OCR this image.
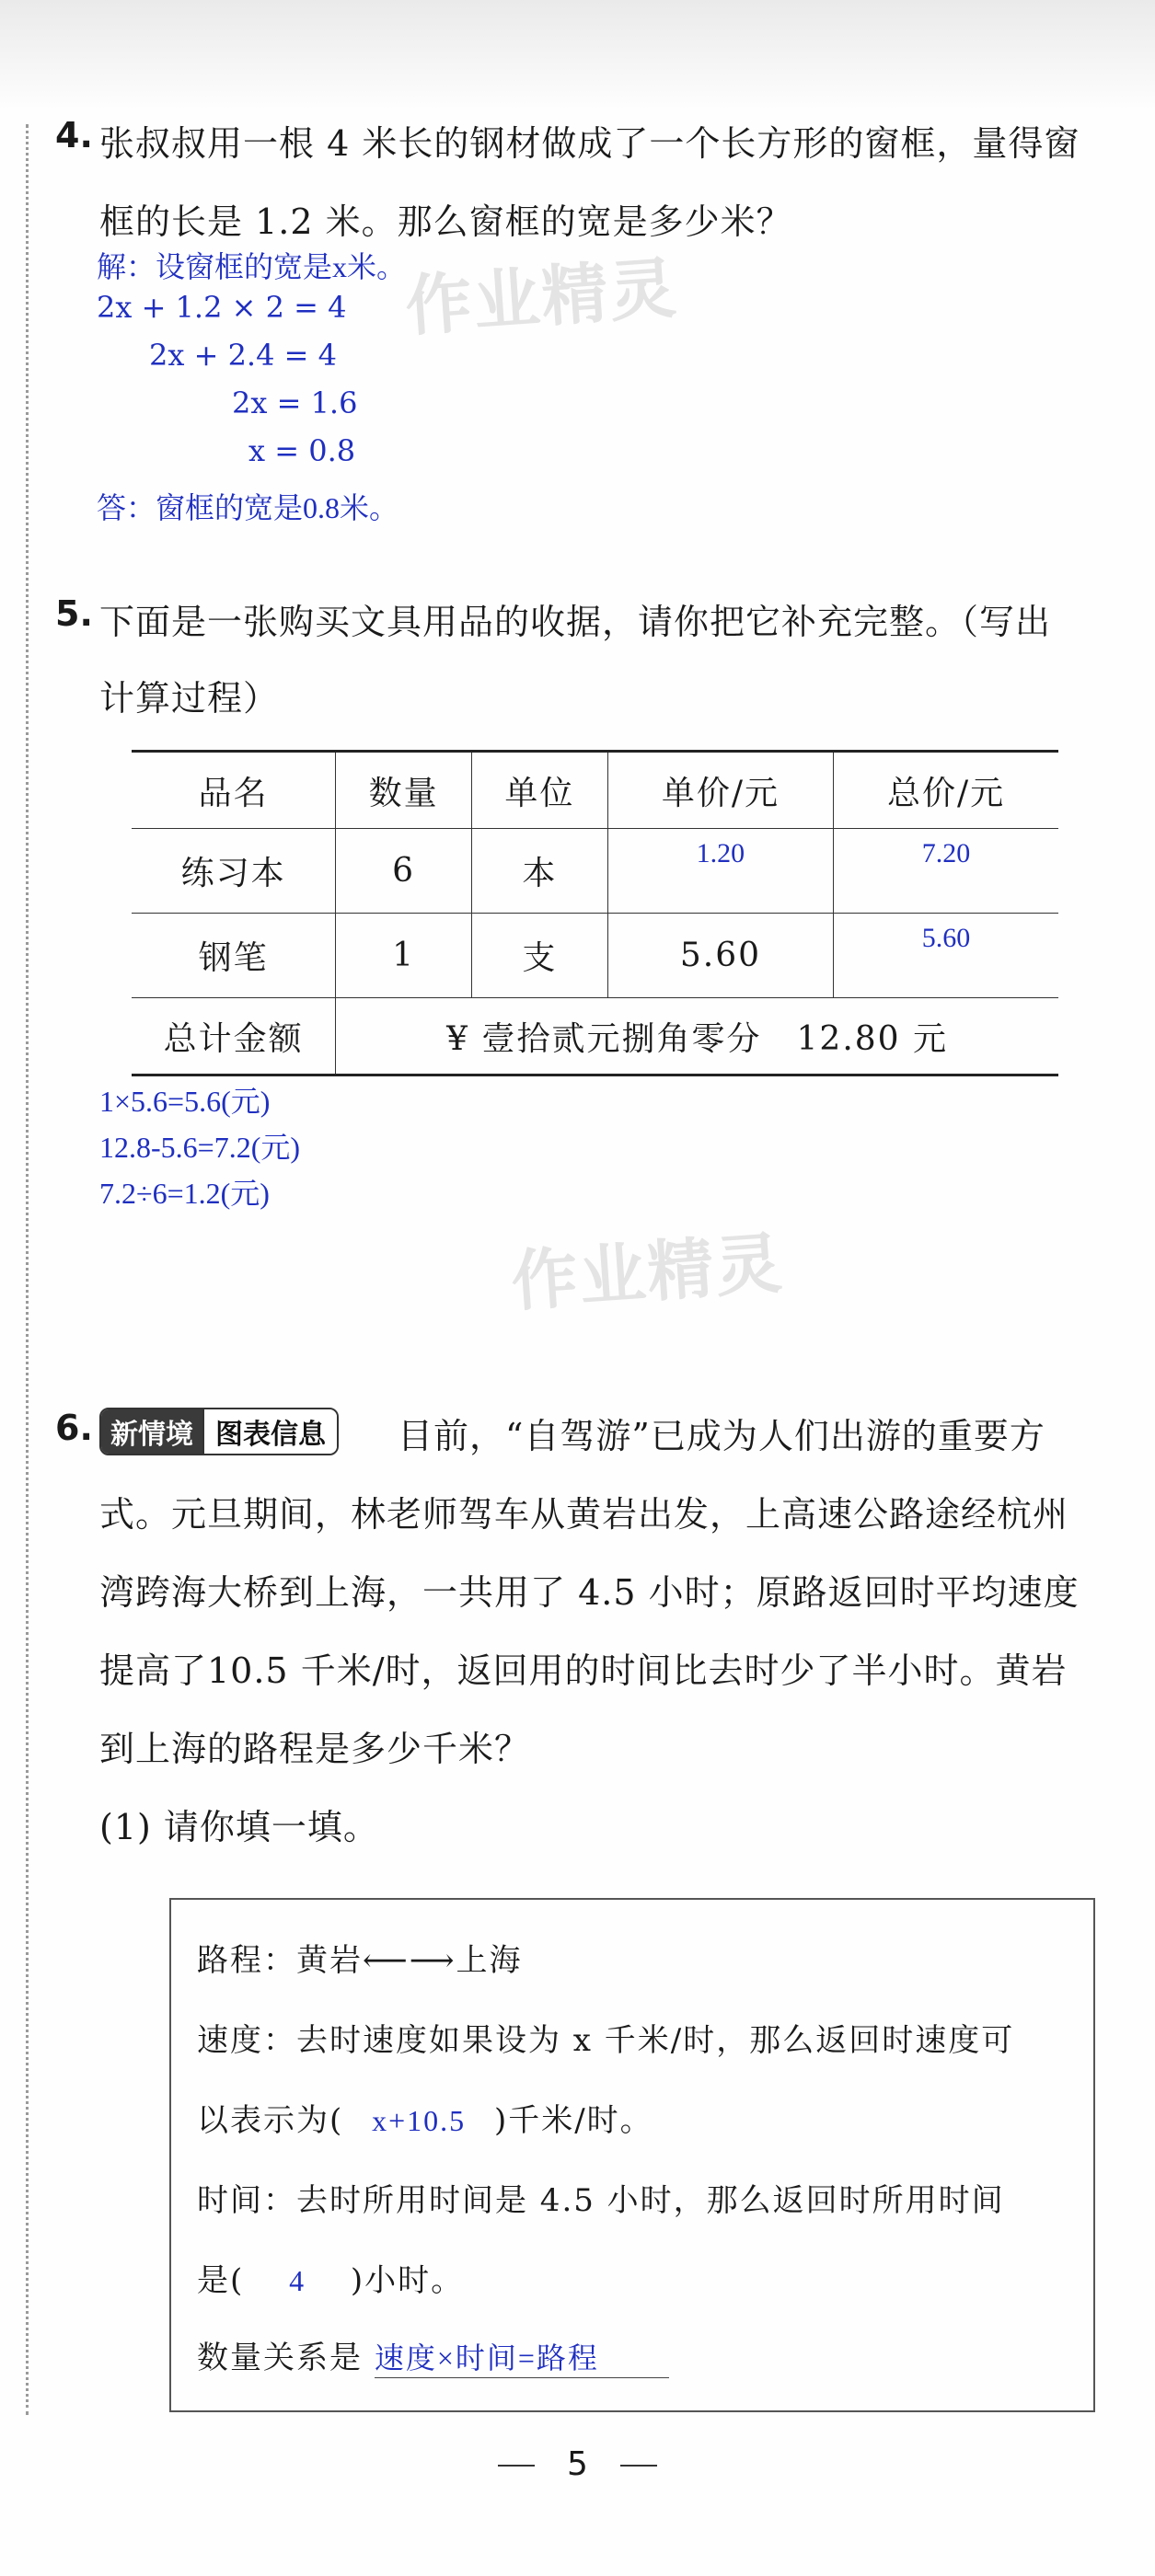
4. 张叔叔用一根 4 米长的钢材做成了一个长方形的窗框，量得窗
框的长是 1.2 米。那么窗框的宽是多少米？
解：设窗框的宽是x米。
作业精灵
2x + 1.2 × 2 = 4
2x + 2.4 = 4
2x = 1.6
x = 0.8
答：窗框的宽是0.8米。
5. 下面是一张购买文具用品的收据，请你把它补充完整。（写出
计算过程）
品名	数量	单位	单价/元	总价/元
练习本	6	本	1.20	7.20
钢笔	1	支	5.60	5.60
总计金额	¥ 壹拾贰元捌角零分　12.80 元			
1×5.6=5.6(元)
12.8-5.6=7.2(元)
7.2÷6=1.2(元)
作业精灵
6. 新情境 图表信息	目前，“自驾游”已成为人们出游的重要方
式。元旦期间，林老师驾车从黄岩出发，上高速公路途经杭州
湾跨海大桥到上海，一共用了 4.5 小时；原路返回时平均速度
提高了10.5 千米/时，返回用的时间比去时少了半小时。黄岩
到上海的路程是多少千米？
(1) 请你填一填。
路程：黄岩⟵⟶上海
速度：去时速度如果设为 x 千米/时，那么返回时速度可
以表示为( x+10.5 )千米/时。
时间：去时所用时间是 4.5 小时，那么返回时所用时间
是( 4 )小时。
数量关系是 速度×时间=路程
5
